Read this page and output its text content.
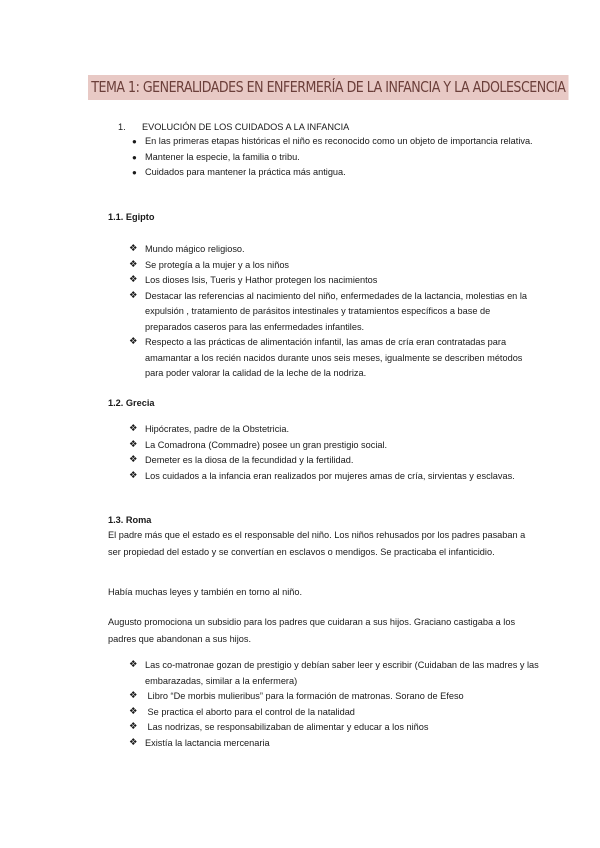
TEMA 1: GENERALIDADES EN ENFERMERÍA DE LA INFANCIA Y LA ADOLESCENCIA
1. EVOLUCIÓN DE LOS CUIDADOS A LA INFANCIA
● En las primeras etapas históricas el niño es reconocido como un objeto de importancia relativa.
● Mantener la especie, la familia o tribu.
● Cuidados para mantener la práctica más antigua.
1.1. Egipto
❖ Mundo mágico religioso.
❖ Se protegía a la mujer y a los niños
❖ Los dioses Isis, Tueris y Hathor protegen los nacimientos
❖ Destacar las referencias al nacimiento del niño, enfermedades de la lactancia, molestias en la expulsión , tratamiento de parásitos intestinales y tratamientos específicos a base de preparados caseros para las enfermedades infantiles.
❖ Respecto a las prácticas de alimentación infantil, las amas de cría eran contratadas para amamantar a los recién nacidos durante unos seis meses, igualmente se describen métodos para poder valorar la calidad de la leche de la nodriza.
1.2. Grecia
❖ Hipócrates, padre de la Obstetricia.
❖ La Comadrona (Commadre) posee un gran prestigio social.
❖ Demeter es la diosa de la fecundidad y la fertilidad.
❖ Los cuidados a la infancia eran realizados por mujeres amas de cría, sirvientas y esclavas.
1.3. Roma
El padre más que el estado es el responsable del niño. Los niños rehusados por los padres pasaban a ser propiedad del estado y se convertían en esclavos o mendigos. Se practicaba el infanticidio.
Había muchas leyes y también en torno al niño.
Augusto promociona un subsidio para los padres que cuidaran a sus hijos. Graciano castigaba a los padres que abandonan a sus hijos.
❖ Las co-matronae gozan de prestigio y debían saber leer y escribir (Cuidaban de las madres y las embarazadas, similar a la enfermera)
❖ Libro “De morbis mulieribus” para la formación de matronas. Sorano de Efeso
❖ Se practica el aborto para el control de la natalidad
❖ Las nodrizas, se responsabilizaban de alimentar y educar a los niños
❖ Existía la lactancia mercenaria
